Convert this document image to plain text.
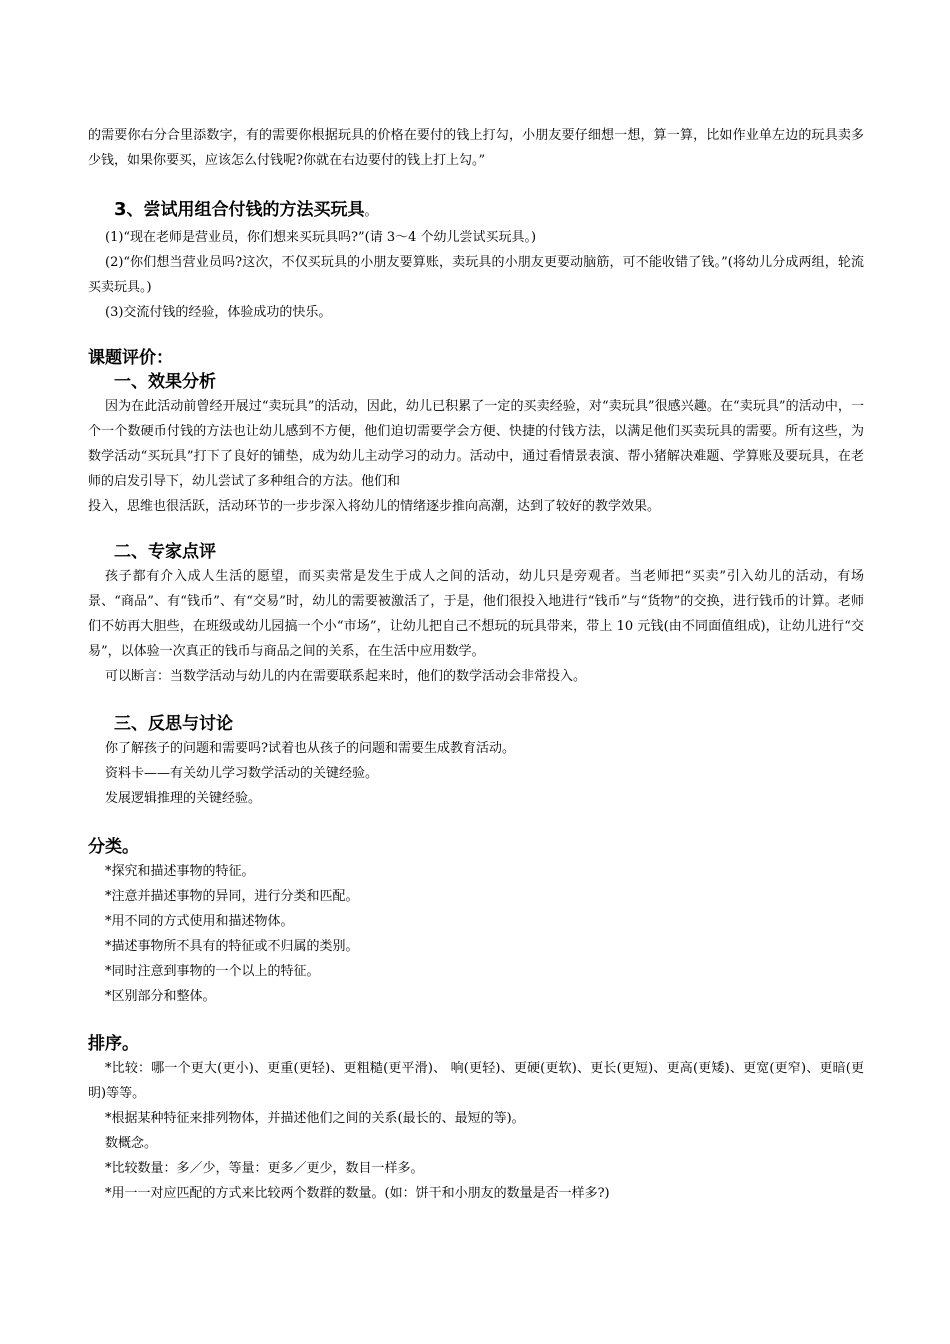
的需要你右分合里添数字，有的需要你根据玩具的价格在要付的钱上打勾，小朋友要仔细想一想，算一算，比如作业单左边的玩具卖多少钱，如果你要买，应该怎么付钱呢?你就在右边要付的钱上打上勾。”

3、尝试用组合付钱的方法买玩具。

(1)“现在老师是营业员，你们想来买玩具吗?”(请 3～4 个幼儿尝试买玩具。)

(2)“你们想当营业员吗?这次，不仅买玩具的小朋友要算账，卖玩具的小朋友更要动脑筋，可不能收错了钱。”(将幼儿分成两组，轮流买卖玩具。)

(3)交流付钱的经验，体验成功的快乐。

课题评价：

一、效果分析

因为在此活动前曾经开展过“卖玩具”的活动，因此，幼儿已积累了一定的买卖经验，对“卖玩具”很感兴趣。在“卖玩具”的活动中，一个一个数硬币付钱的方法也让幼儿感到不方便，他们迫切需要学会方便、快捷的付钱方法，以满足他们买卖玩具的需要。所有这些，为数学活动“买玩具”打下了良好的铺垫，成为幼儿主动学习的动力。活动中，通过看情景表演、帮小猪解决难题、学算账及要玩具，在老师的启发引导下，幼儿尝试了多种组合的方法。他们和

投入，思维也很活跃，活动环节的一步步深入将幼儿的情绪逐步推向高潮，达到了较好的教学效果。

二、专家点评

孩子都有介入成人生活的愿望，而买卖常是发生于成人之间的活动，幼儿只是旁观者。当老师把“买卖”引入幼儿的活动，有场景、“商品”、有“钱币”、有“交易”时，幼儿的需要被激活了，于是，他们很投入地进行“钱币”与“货物”的交换，进行钱币的计算。老师们不妨再大胆些，在班级或幼儿园搞一个小“市场”，让幼儿把自己不想玩的玩具带来，带上 10 元钱(由不同面值组成)，让幼儿进行“交易”，以体验一次真正的钱币与商品之间的关系，在生活中应用数学。

可以断言：当数学活动与幼儿的内在需要联系起来时，他们的数学活动会非常投入。

三、反思与讨论

你了解孩子的问题和需要吗?试着也从孩子的问题和需要生成教育活动。

资料卡——有关幼儿学习数学活动的关键经验。

发展逻辑推理的关键经验。

分类。

*探究和描述事物的特征。

*注意并描述事物的异同，进行分类和匹配。

*用不同的方式使用和描述物体。

*描述事物所不具有的特征或不归属的类别。

*同时注意到事物的一个以上的特征。

*区别部分和整体。

排序。

*比较：哪一个更大(更小)、更重(更轻)、更粗糙(更平滑)、 响(更轻)、更硬(更软)、更长(更短)、更高(更矮)、更宽(更窄)、更暗(更明)等等。

*根据某种特征来排列物体，并描述他们之间的关系(最长的、最短的等)。

数概念。

*比较数量：多／少，等量：更多／更少，数目一样多。

*用一一对应匹配的方式来比较两个数群的数量。(如：饼干和小朋友的数量是否一样多?)
